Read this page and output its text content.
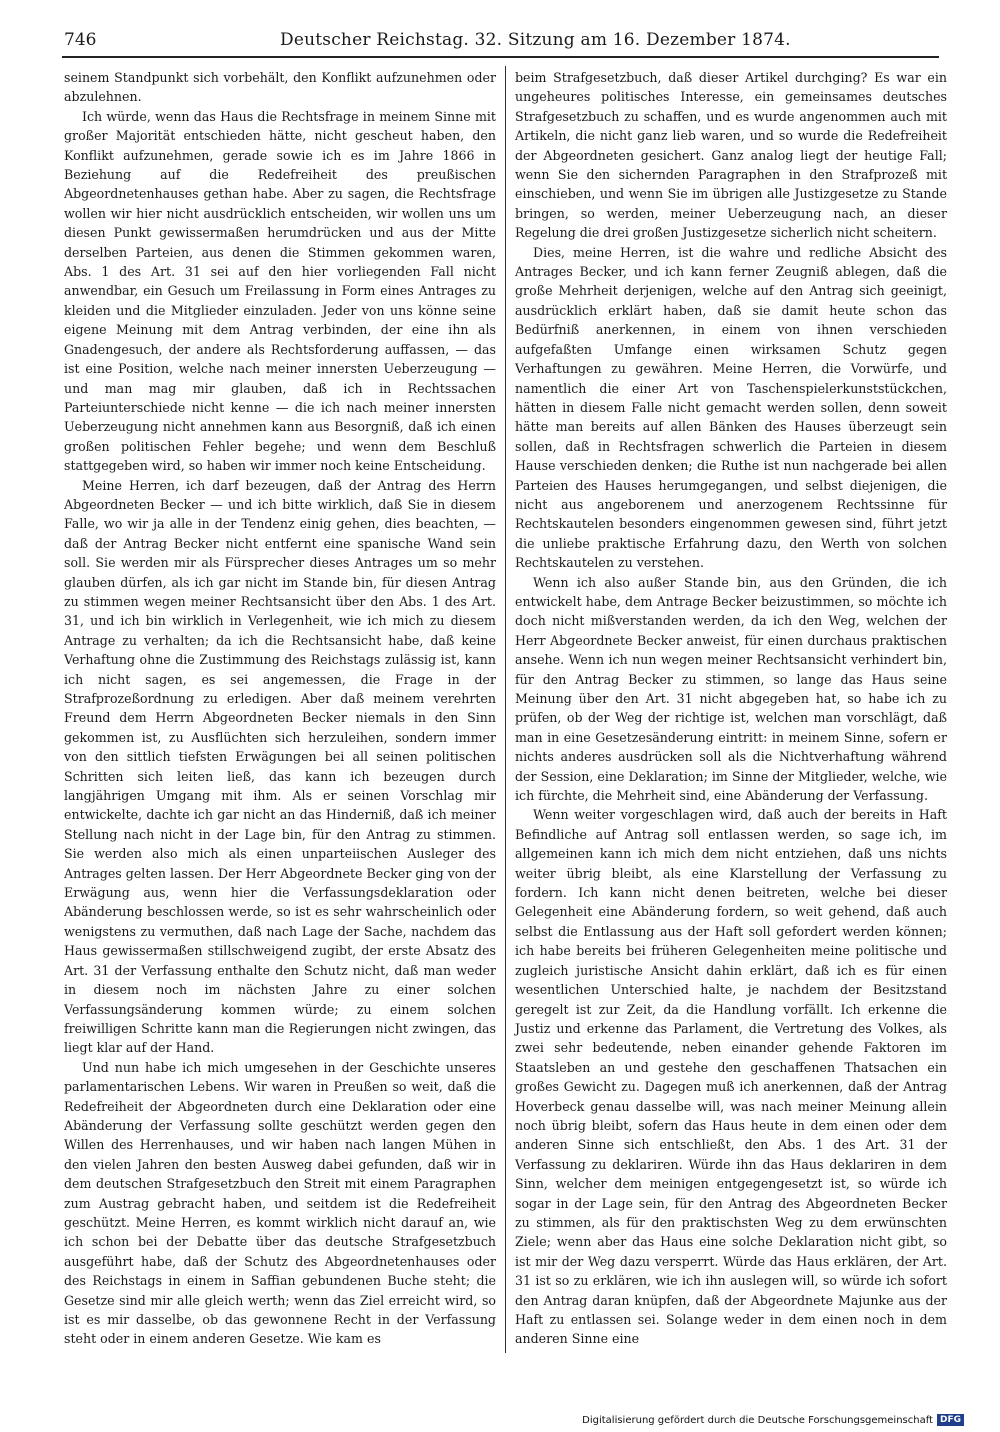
746	Deutscher Reichstag. 32. Sitzung am 16. Dezember 1874.

seinem Standpunkt sich vorbehält, den Konflikt aufzunehmen oder abzulehnen.

Ich würde, wenn das Haus die Rechtsfrage in meinem Sinne mit großer Majorität entschieden hätte, nicht gescheut haben, den Konflikt aufzunehmen, gerade sowie ich es im Jahre 1866 in Beziehung auf die Redefreiheit des preußischen Abgeordnetenhauses gethan habe. Aber zu sagen, die Rechtsfrage wollen wir hier nicht ausdrücklich entscheiden, wir wollen uns um diesen Punkt gewissermaßen herumdrücken und aus der Mitte derselben Parteien, aus denen die Stimmen gekommen waren, Abs. 1 des Art. 31 sei auf den hier vorliegenden Fall nicht anwendbar, ein Gesuch um Freilassung in Form eines Antrages zu kleiden und die Mitglieder einzuladen. Jeder von uns könne seine eigene Meinung mit dem Antrag verbinden, der eine ihn als Gnadengesuch, der andere als Rechtsforderung auffassen, — das ist eine Position, welche nach meiner innersten Ueberzeugung — und man mag mir glauben, daß ich in Rechtssachen Parteiunterschiede nicht kenne — die ich nach meiner innersten Ueberzeugung nicht annehmen kann aus Besorgniß, daß ich einen großen politischen Fehler begehe; und wenn dem Beschluß stattgegeben wird, so haben wir immer noch keine Entscheidung.

Meine Herren, ich darf bezeugen, daß der Antrag des Herrn Abgeordneten Becker — und ich bitte wirklich, daß Sie in diesem Falle, wo wir ja alle in der Tendenz einig gehen, dies beachten, — daß der Antrag Becker nicht entfernt eine spanische Wand sein soll. Sie werden mir als Fürsprecher dieses Antrages um so mehr glauben dürfen, als ich gar nicht im Stande bin, für diesen Antrag zu stimmen wegen meiner Rechtsansicht über den Abs. 1 des Art. 31, und ich bin wirklich in Verlegenheit, wie ich mich zu diesem Antrage zu verhalten; da ich die Rechtsansicht habe, daß keine Verhaftung ohne die Zustimmung des Reichstags zulässig ist, kann ich nicht sagen, es sei angemessen, die Frage in der Strafprozeßordnung zu erledigen. Aber daß meinem verehrten Freund dem Herrn Abgeordneten Becker niemals in den Sinn gekommen ist, zu Ausflüchten sich herzuleihen, sondern immer von den sittlich tiefsten Erwägungen bei all seinen politischen Schritten sich leiten ließ, das kann ich bezeugen durch langjährigen Umgang mit ihm. Als er seinen Vorschlag mir entwickelte, dachte ich gar nicht an das Hinderniß, daß ich meiner Stellung nach nicht in der Lage bin, für den Antrag zu stimmen. Sie werden also mich als einen unparteiischen Ausleger des Antrages gelten lassen. Der Herr Abgeordnete Becker ging von der Erwägung aus, wenn hier die Verfassungsdeklaration oder Abänderung beschlossen werde, so ist es sehr wahrscheinlich oder wenigstens zu vermuthen, daß nach Lage der Sache, nachdem das Haus gewissermaßen stillschweigend zugibt, der erste Absatz des Art. 31 der Verfassung enthalte den Schutz nicht, daß man weder in diesem noch im nächsten Jahre zu einer solchen Verfassungsänderung kommen würde; zu einem solchen freiwilligen Schritte kann man die Regierungen nicht zwingen, das liegt klar auf der Hand.

Und nun habe ich mich umgesehen in der Geschichte unseres parlamentarischen Lebens. Wir waren in Preußen so weit, daß die Redefreiheit der Abgeordneten durch eine Deklaration oder eine Abänderung der Verfassung sollte geschützt werden gegen den Willen des Herrenhauses, und wir haben nach langen Mühen in den vielen Jahren den besten Ausweg dabei gefunden, daß wir in dem deutschen Strafgesetzbuch den Streit mit einem Paragraphen zum Austrag gebracht haben, und seitdem ist die Redefreiheit geschützt. Meine Herren, es kommt wirklich nicht darauf an, wie ich schon bei der Debatte über das deutsche Strafgesetzbuch ausgeführt habe, daß der Schutz des Abgeordnetenhauses oder des Reichstags in einem in Saffian gebundenen Buche steht; die Gesetze sind mir alle gleich werth; wenn das Ziel erreicht wird, so ist es mir dasselbe, ob das gewonnene Recht in der Verfassung steht oder in einem anderen Gesetze. Wie kam es

beim Strafgesetzbuch, daß dieser Artikel durchging? Es war ein ungeheures politisches Interesse, ein gemeinsames deutsches Strafgesetzbuch zu schaffen, und es wurde angenommen auch mit Artikeln, die nicht ganz lieb waren, und so wurde die Redefreiheit der Abgeordneten gesichert. Ganz analog liegt der heutige Fall; wenn Sie den sichernden Paragraphen in den Strafprozeß mit einschieben, und wenn Sie im übrigen alle Justizgesetze zu Stande bringen, so werden, meiner Ueberzeugung nach, an dieser Regelung die drei großen Justizgesetze sicherlich nicht scheitern.

Dies, meine Herren, ist die wahre und redliche Absicht des Antrages Becker, und ich kann ferner Zeugniß ablegen, daß die große Mehrheit derjenigen, welche auf den Antrag sich geeinigt, ausdrücklich erklärt haben, daß sie damit heute schon das Bedürfniß anerkennen, in einem von ihnen verschieden aufgefaßten Umfange einen wirksamen Schutz gegen Verhaftungen zu gewähren. Meine Herren, die Vorwürfe, und namentlich die einer Art von Taschenspielerkunststückchen, hätten in diesem Falle nicht gemacht werden sollen, denn soweit hätte man bereits auf allen Bänken des Hauses überzeugt sein sollen, daß in Rechtsfragen schwerlich die Parteien in diesem Hause verschieden denken; die Ruthe ist nun nachgerade bei allen Parteien des Hauses herumgegangen, und selbst diejenigen, die nicht aus angeborenem und anerzogenem Rechtssinne für Rechtskautelen besonders eingenommen gewesen sind, führt jetzt die unliebe praktische Erfahrung dazu, den Werth von solchen Rechtskautelen zu verstehen.

Wenn ich also außer Stande bin, aus den Gründen, die ich entwickelt habe, dem Antrage Becker beizustimmen, so möchte ich doch nicht mißverstanden werden, da ich den Weg, welchen der Herr Abgeordnete Becker anweist, für einen durchaus praktischen ansehe. Wenn ich nun wegen meiner Rechtsansicht verhindert bin, für den Antrag Becker zu stimmen, so lange das Haus seine Meinung über den Art. 31 nicht abgegeben hat, so habe ich zu prüfen, ob der Weg der richtige ist, welchen man vorschlägt, daß man in eine Gesetzesänderung eintritt: in meinem Sinne, sofern er nichts anderes ausdrücken soll als die Nichtverhaftung während der Session, eine Deklaration; im Sinne der Mitglieder, welche, wie ich fürchte, die Mehrheit sind, eine Abänderung der Verfassung.

Wenn weiter vorgeschlagen wird, daß auch der bereits in Haft Befindliche auf Antrag soll entlassen werden, so sage ich, im allgemeinen kann ich mich dem nicht entziehen, daß uns nichts weiter übrig bleibt, als eine Klarstellung der Verfassung zu fordern. Ich kann nicht denen beitreten, welche bei dieser Gelegenheit eine Abänderung fordern, so weit gehend, daß auch selbst die Entlassung aus der Haft soll gefordert werden können; ich habe bereits bei früheren Gelegenheiten meine politische und zugleich juristische Ansicht dahin erklärt, daß ich es für einen wesentlichen Unterschied halte, je nachdem der Besitzstand geregelt ist zur Zeit, da die Handlung vorfällt. Ich erkenne die Justiz und erkenne das Parlament, die Vertretung des Volkes, als zwei sehr bedeutende, neben einander gehende Faktoren im Staatsleben an und gestehe den geschaffenen Thatsachen ein großes Gewicht zu. Dagegen muß ich anerkennen, daß der Antrag Hoverbeck genau dasselbe will, was nach meiner Meinung allein noch übrig bleibt, sofern das Haus heute in dem einen oder dem anderen Sinne sich entschließt, den Abs. 1 des Art. 31 der Verfassung zu deklariren. Würde ihn das Haus deklariren in dem Sinn, welcher dem meinigen entgegengesetzt ist, so würde ich sogar in der Lage sein, für den Antrag des Abgeordneten Becker zu stimmen, als für den praktischsten Weg zu dem erwünschten Ziele; wenn aber das Haus eine solche Deklaration nicht gibt, so ist mir der Weg dazu versperrt. Würde das Haus erklären, der Art. 31 ist so zu erklären, wie ich ihn auslegen will, so würde ich sofort den Antrag daran knüpfen, daß der Abgeordnete Majunke aus der Haft zu entlassen sei. Solange weder in dem einen noch in dem anderen Sinne eine

Digitalisierung gefördert durch die Deutsche Forschungsgemeinschaft DFG
